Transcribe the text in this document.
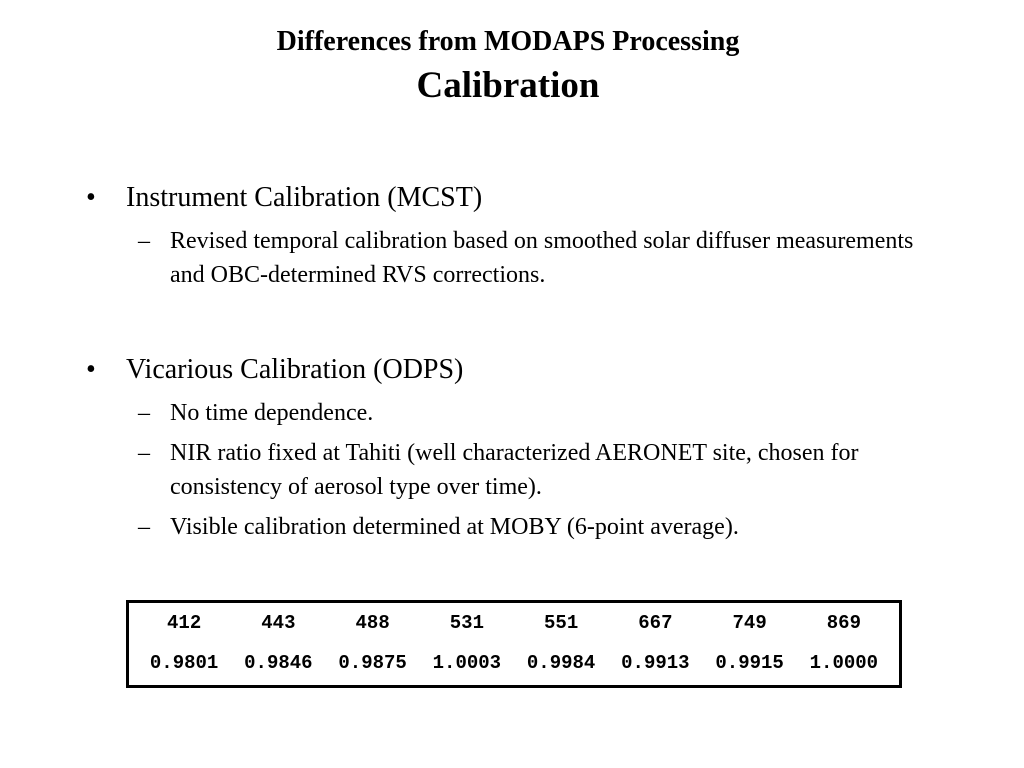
Differences from MODAPS Processing
Calibration
• Instrument Calibration (MCST)
– Revised temporal calibration based on smoothed solar diffuser measurements and OBC-determined RVS corrections.
• Vicarious Calibration (ODPS)
– No time dependence.
– NIR ratio fixed at Tahiti (well characterized AERONET site, chosen for consistency of aerosol type over time).
– Visible calibration determined at MOBY (6-point average).
412	443	488	531	551	667	749	869
0.9801	0.9846	0.9875	1.0003	0.9984	0.9913	0.9915	1.0000
